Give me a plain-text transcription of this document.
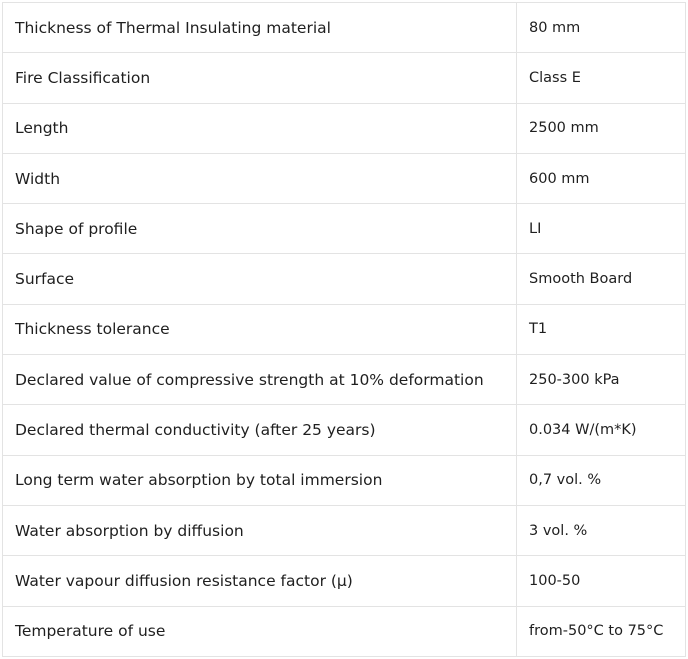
Thickness of Thermal Insulating material	80 mm
Fire Classification	Class E
Length	2500 mm
Width	600 mm
Shape of profile	LI
Surface	Smooth Board
Thickness tolerance	T1
Declared value of compressive strength at 10% deformation	250-300 kPa
Declared thermal conductivity (after 25 years)	0.034 W/(m*K)
Long term water absorption by total immersion	0,7 vol. %
Water absorption by diffusion	3 vol. %
Water vapour diffusion resistance factor (μ)	100-50
Temperature of use	from-50°C to 75°C
